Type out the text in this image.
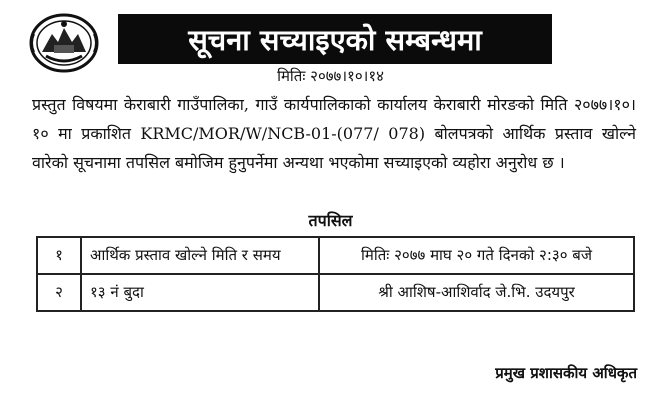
सूचना सच्याइएको सम्बन्धमा
मितिः २०७७।१०।१४
प्रस्तुत विषयमा केराबारी गाउँपालिका, गाउँ कार्यपालिकाको कार्यालय केराबारी मोरङको मिति २०७७।१०।१० मा प्रकाशित KRMC/MOR/W/NCB-01-(077/ 078) बोलपत्रको आर्थिक प्रस्ताव खोल्ने वारेको सूचनामा तपसिल बमोजिम हुनुपर्नेमा अन्यथा भएकोमा सच्याइएको व्यहोरा अनुरोध छ ।
तपसिल
१	आर्थिक प्रस्ताव खोल्ने मिति र समय	मितिः २०७७ माघ २० गते दिनको २:३० बजे
२	१३ नं बुदा	श्री आशिष-आशिर्वाद जे.भि. उदयपुर
प्रमुख प्रशासकीय अधिकृत
